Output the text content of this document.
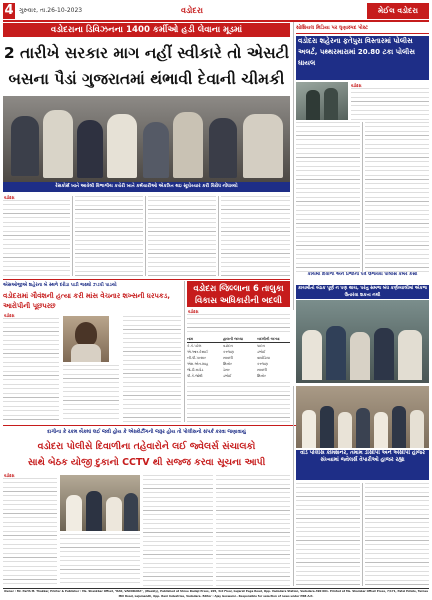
4 ગુરુવાર, તા.26-10-2023	વડોદરા	મેઈલ વડોદરા
વડોદરાના ડિવિઝનના 1400 કર્મીઓ હડી લેવાના મૂડમાં
2 તારીખે સરકાર માગ નહીં સ્વીકારે તો એસટી
બસના પૈડાં ગુજરાતમાં થંભાવી દેવાની ચીમકી
રેસકોર્સ ખાતે આવેલી વિભાગીય કચેરી ખાતે કર્મચારીઓ એકત્રિત થઇ સૂત્રોચ્ચાર કરી વિરોધ નોંધાવ્યો
વડોદરા
સોશિયલ મિડિયા પર ઘૃણાસ્પદ પોસ્ટ
વડોદરા શહેરના ફતેપુરા વિસ્તારમાં પોલીસ અલર્ટ, પથ્થરમારામાં 20.80 ટકા પોલીસ ઘાયલ
વડોદરા
કાયમી દિવાળી અને પ્રજાનાં પર્વ ઉજવવા પોલીસે કમર કસી
કાયમીતો બેઠક પૂર્ણ ન પણ થાય, પરંતુ સમજ બંધ કર્ણવ્યાલીમાં એકજ ઉતારવા શકતા નથી
એસઓજીએ શહેરના બે સ્થળે દરોડા પાડી જથ્થો ઝડપી પાડયો
વડોદરામાં ગૌવંશની હત્યા કરી માંસ વેચનાર શખ્સની ધરપકડ, આરોપીની પૂછપરછ
વડોદરા
વડોદરા જિલ્લાના 6 તાલુકા
વિકાસ અધિકારીની બદલી
વડોદરા
નામ	હાલની જગ્યા	બદલીની જગ્યા
કે.કે.પટેલ	વડોદરા	પાદરા
એ.આર.દેસાઈ	કરજણ	ડભોઈ
બી.પી.પરમાર	સાવલી	વાઘોડિયા
એમ.એન.શાહ	શિનોર	કરજણ
જે.ડી.રાઠોડ	ડેસર	સાવલી
પી.કે.જોષી	ડભોઈ	શિનોર
દાગીના કે રકમ બેંકમાં લઈ જવી હોય કે એસ્કોર્ટીંગની જરૂર હોય તો પોલીસનો સંપર્ક કરવા જણાવાયું
વડોદરા પોલીસે દિવાળીના તહેવારોને લઈ જ્વેલર્સ સંચાલકો
સાથે બેઠક યોજી દુકાનો CCTV થી સજ્જ કરવા સૂચના આપી
વડોદરા
વોર્ડ પોલીસ કમિશનર, તમામ ડીસીપી અને એસીપી હાજર સંખ્યામાં જ્વેલર્સ વેપારીઓ હાજર રહ્યા
Owner : Mr. Parth M. Thakkar, Printer & Publisher : Ms. Shankbar Offset, "RAK, VADODARA", (Weekly), Published at Shree Dadaji Press, 205, 3rd Floor, Gujarat Pega Road, Opp. Vadodara Station, Vadodara-390 001. Printed at Ms. Shambar Offset Press, 7/171, Patel Estate, Tarnaa Mill Road, Lajamandli, Opp. Rani Industries, Vadodara. Editor : Ajay Goswami - Responsible for selection of news under PRB Act.
